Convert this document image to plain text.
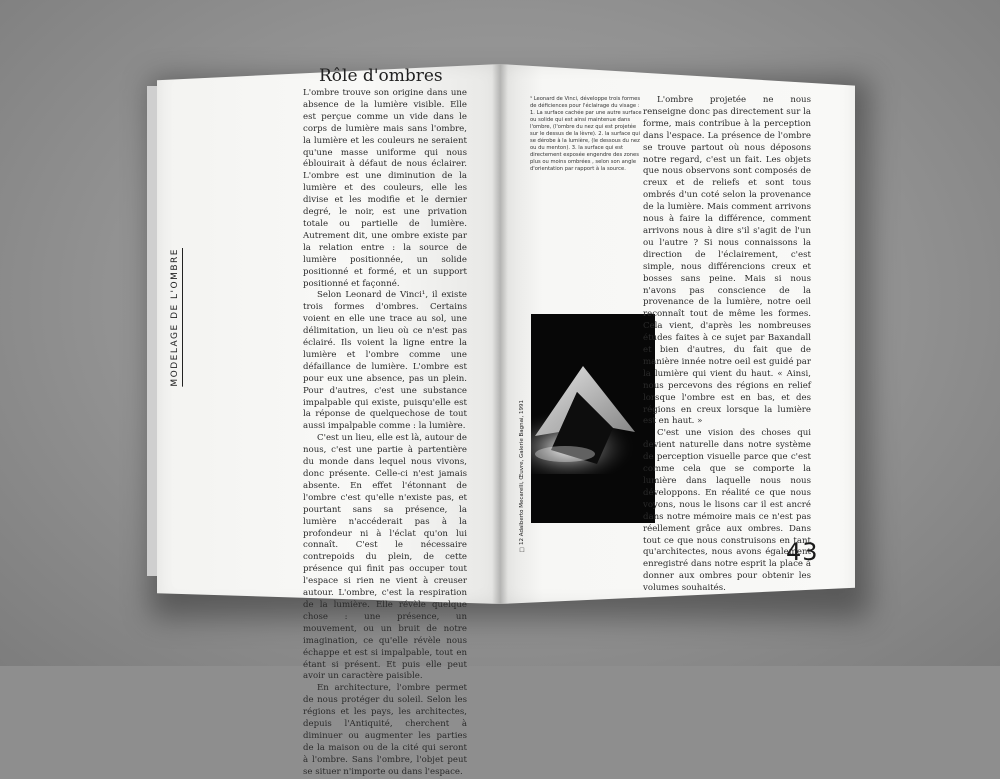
MODELAGE DE L'OMBRE
Rôle d'ombres

L'ombre trouve son origine dans une absence de la lumière visible. Elle est perçue comme un vide dans le corps de lumière mais sans l'ombre, la lumière et les couleurs ne seraient qu'une masse uniforme qui nous éblouirait à défaut de nous éclairer. L'ombre est une diminution de la lumière et des couleurs, elle les divise et les modifie et le dernier degré, le noir, est une privation totale ou partielle de lumière. Autrement dit, une ombre existe par la relation entre : la source de lumière positionnée, un solide positionné et formé, et un support positionné et façonné.

Selon Leonard de Vinci¹, il existe trois formes d'ombres. Certains voient en elle une trace au sol, une délimitation, un lieu où ce n'est pas éclairé. Ils voient la ligne entre la lumière et l'ombre comme une défaillance de lumière. L'ombre est pour eux une absence, pas un plein. Pour d'autres, c'est une substance impalpable qui existe, puisqu'elle est la réponse de quelquechose de tout aussi impalpable comme : la lumière.

C'est un lieu, elle est là, autour de nous, c'est une partie à partentière du monde dans lequel nous vivons, donc présente. Celle-ci n'est jamais absente. En effet l'étonnant de l'ombre c'est qu'elle n'existe pas, et pourtant sans sa présence, la lumière n'accéderait pas à la profondeur ni à l'éclat qu'on lui connaît. C'est le nécessaire contrepoids du plein, de cette présence qui finit pas occuper tout l'espace si rien ne vient à creuser autour. L'ombre, c'est la respiration de la lumière. Elle révèle quelque chose : une présence, un mouvement, ou un bruit de notre imagination, ce qu'elle révèle nous échappe et est si impalpable, tout en étant si présent. Et puis elle peut avoir un caractère paisible.

En architecture, l'ombre permet de nous protéger du soleil. Selon les régions et les pays, les architectes, depuis l'Antiquité, cherchent à diminuer ou augmenter les parties de la maison ou de la cité qui seront à l'ombre. Sans l'ombre, l'objet peut se situer n'importe ou dans l'espace.

¹ Leonard de Vinci, développe trois formes de déficiences pour l'éclairage du visage : 1. La surface cachée par une autre surface ou solide qui est ainsi maintenue dans l'ombre, (l'ombre du nez qui est projetée sur le dessus de la lèvre). 2. la surface qui se dérobe à la lumière, (le dessous du nez ou du menton). 3. la surface qui est directement exposée engendre des zones plus ou moins ombrées , selon son angle d'orientation par rapport à la source.

□ 12 Adalberto Mecarelli, Œuvre, Galerie Bagnai, 1991

L'ombre projetée ne nous renseigne donc pas directement sur la forme, mais contribue à la perception dans l'espace. La présence de l'ombre se trouve partout où nous déposons notre regard, c'est un fait. Les objets que nous observons sont composés de creux et de reliefs et sont tous ombrés d'un coté selon la provenance de la lumière. Mais comment arrivons nous à faire la différence, comment arrivons nous à dire s'il s'agit de l'un ou l'autre ? Si nous connaissons la direction de l'éclairement, c'est simple, nous différencions creux et bosses sans peine. Mais si nous n'avons pas conscience de la provenance de la lumière, notre oeil reconnaît tout de même les formes. Cela vient, d'après les nombreuses études faites à ce sujet par Baxandall et bien d'autres, du fait que de manière innée notre oeil est guidé par la lumière qui vient du haut. « Ainsi, nous percevons des régions en relief lorsque l'ombre est en bas, et des régions en creux lorsque la lumière est en haut. »

C'est une vision des choses qui devient naturelle dans notre système de perception visuelle parce que c'est comme cela que se comporte la lumière dans laquelle nous nous développons. En réalité ce que nous voyons, nous le lisons car il est ancré dans notre mémoire mais ce n'est pas réellement grâce aux ombres. Dans tout ce que nous construisons en tant qu'architectes, nous avons également enregistré dans notre esprit la place à donner aux ombres pour obtenir les volumes souhaités.

43
